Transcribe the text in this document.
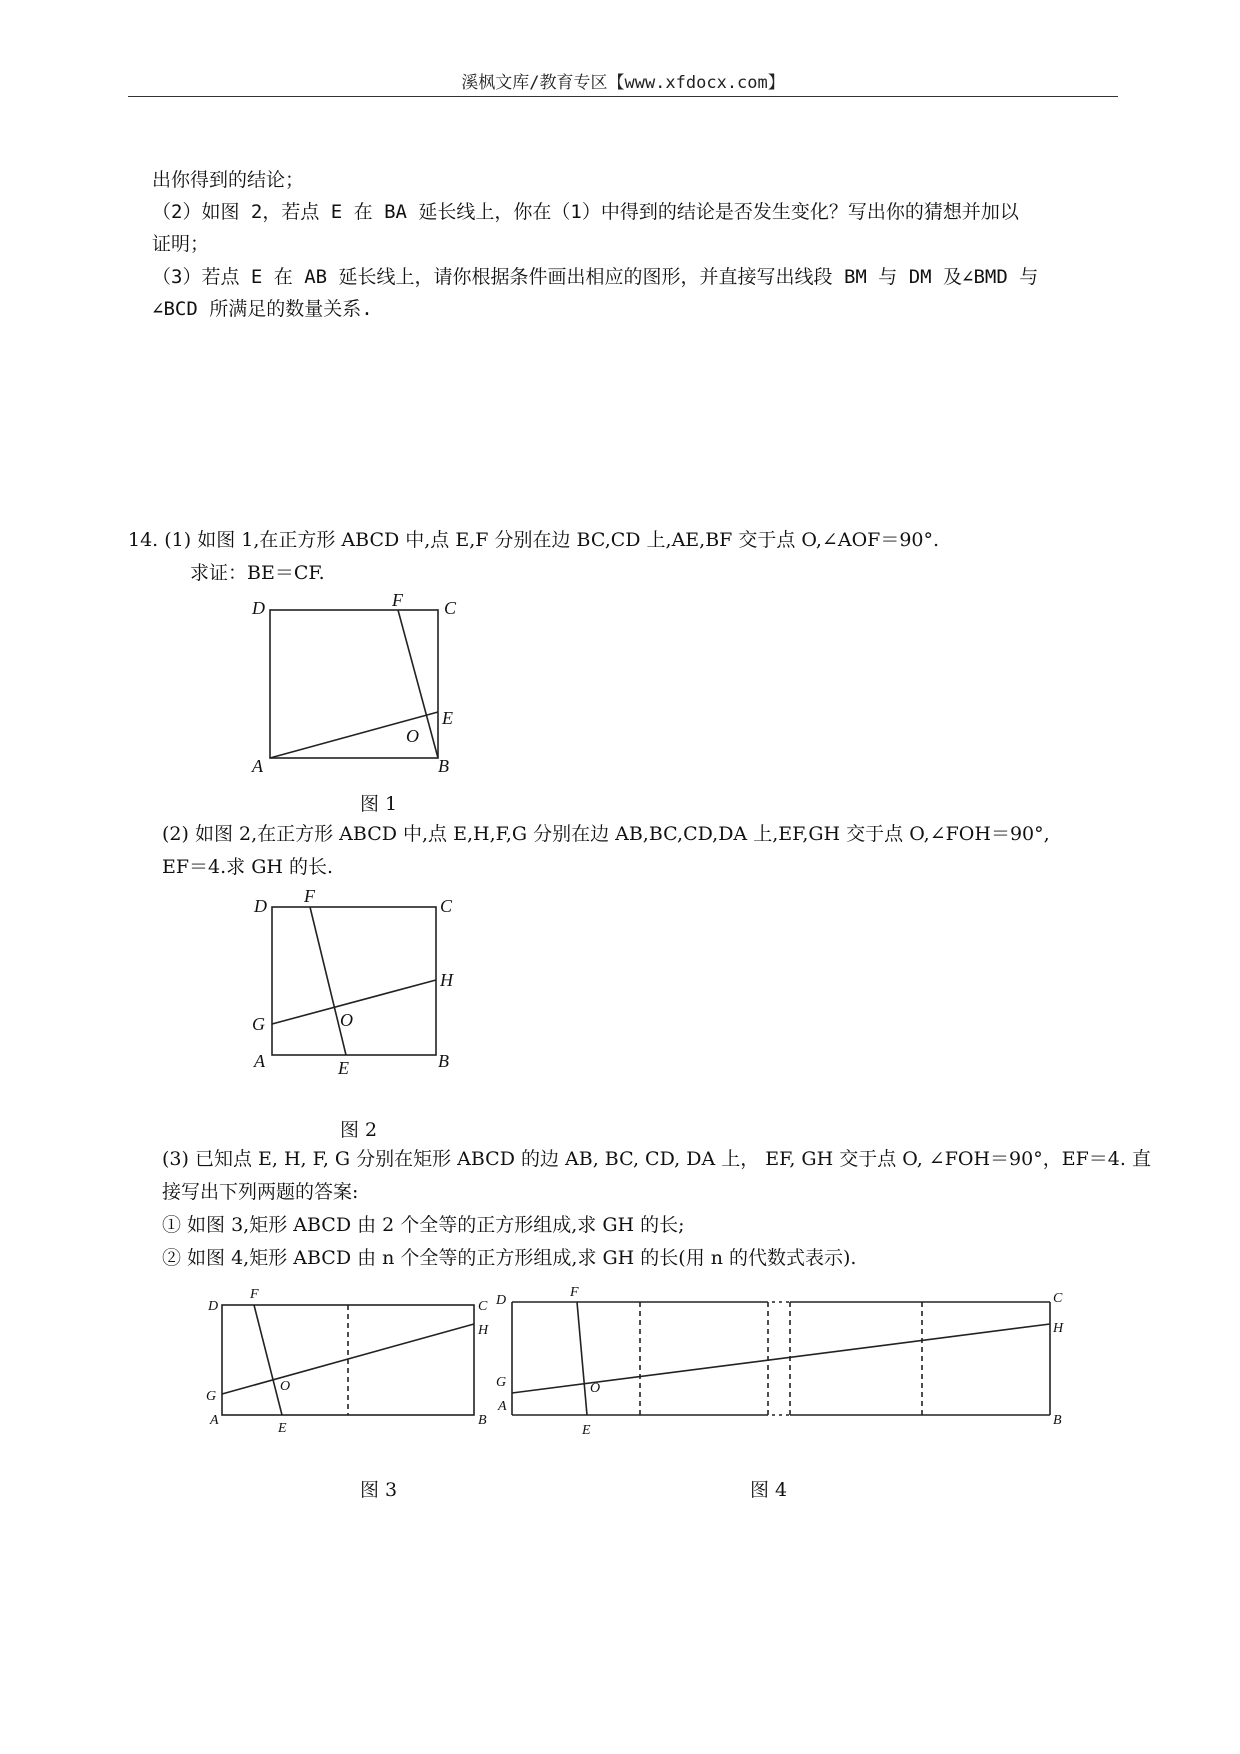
溪枫文库/教育专区【www.xfdocx.com】
出你得到的结论；
（2）如图 2，若点 E 在 BA 延长线上，你在（1）中得到的结论是否发生变化？写出你的猜想并加以
证明；
（3）若点 E 在 AB 延长线上，请你根据条件画出相应的图形，并直接写出线段 BM 与 DM 及∠BMD 与
∠BCD 所满足的数量关系.
14. (1) 如图 1,在正方形 ABCD 中,点 E,F 分别在边 BC,CD 上,AE,BF 交于点 O,∠AOF＝90°.
求证：BE＝CF.
图 1
(2) 如图 2,在正方形 ABCD 中,点 E,H,F,G 分别在边 AB,BC,CD,DA 上,EF,GH 交于点 O,∠FOH＝90°,
EF＝4.求 GH 的长.
图 2
(3) 已知点 E, H, F, G 分别在矩形 ABCD 的边 AB, BC, CD, DA 上， EF, GH 交于点 O, ∠FOH＝90°，EF＝4. 直
接写出下列两题的答案:
① 如图 3,矩形 ABCD 由 2 个全等的正方形组成,求 GH 的长;
② 如图 4,矩形 ABCD 由 n 个全等的正方形组成,求 GH 的长(用 n 的代数式表示).
图 3	图 4
D	F C
E
O
A	B
D F	C
H
G	O
A	E	B
D
F
C
H
G
O
A
E
B
D
F	C
H
G	O
A
E
B
